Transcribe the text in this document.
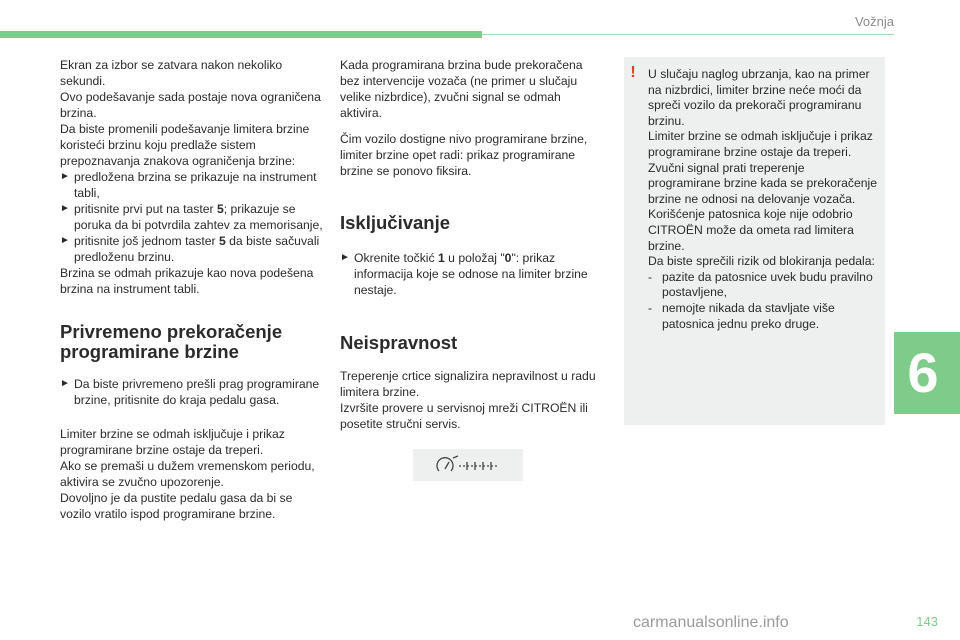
Vožnja

Ekran za izbor se zatvara nakon nekoliko sekundi.

Ovo podešavanje sada postaje nova ograničena brzina.

Da biste promenili podešavanje limitera brzine koristeći brzinu koju predlaže sistem prepoznavanja znakova ograničenja brzine:

► predložena brzina se prikazuje na instrument tabli,
► pritisnite prvi put na taster 5; prikazuje se poruka da bi potvrdila zahtev za memorisanje,
► pritisnite još jednom taster 5 da biste sačuvali predloženu brzinu.

Brzina se odmah prikazuje kao nova podešena brzina na instrument tabli.

Privremeno prekoračenje
programirane brzine
► Da biste privremeno prešli prag programirane brzine, pritisnite do kraja pedalu gasa.

Limiter brzine se odmah isključuje i prikaz programirane brzine ostaje da treperi.

Ako se premaši u dužem vremenskom periodu, aktivira se zvučno upozorenje.

Dovoljno je da pustite pedalu gasa da bi se vozilo vratilo ispod programirane brzine.

Kada programirana brzina bude prekoračena bez intervencije vozača (ne primer u slučaju velike nizbrdice), zvučni signal se odmah aktivira.

Čim vozilo dostigne nivo programirane brzine, limiter brzine opet radi: prikaz programirane brzine se ponovo fiksira.

Isključivanje
► Okrenite točkić 1 u položaj "0": prikaz informacija koje se odnose na limiter brzine nestaje.
Neispravnost

Treperenje crtice signalizira nepravilnost u radu limitera brzine.

Izvršite provere u servisnoj mreži CITROËN ili posetite stručni servis.

!	U slučaju naglog ubrzanja, kao na primer na nizbrdici, limiter brzine neće moći da spreči vozilo da prekorači programiranu brzinu.

Limiter brzine se odmah isključuje i prikaz programirane brzine ostaje da treperi.

Zvučni signal prati treperenje programirane brzine kada se prekoračenje brzine ne odnosi na delovanje vozača.

Korišćenje patosnica koje nije odobrio CITROËN može da ometa rad limitera brzine.

Da biste sprečili rizik od blokiranja pedala:

- pazite da patosnice uvek budu pravilno postavljene,
- nemojte nikada da stavljate više patosnica jednu preko druge.
6
143
carmanualsonline.info
